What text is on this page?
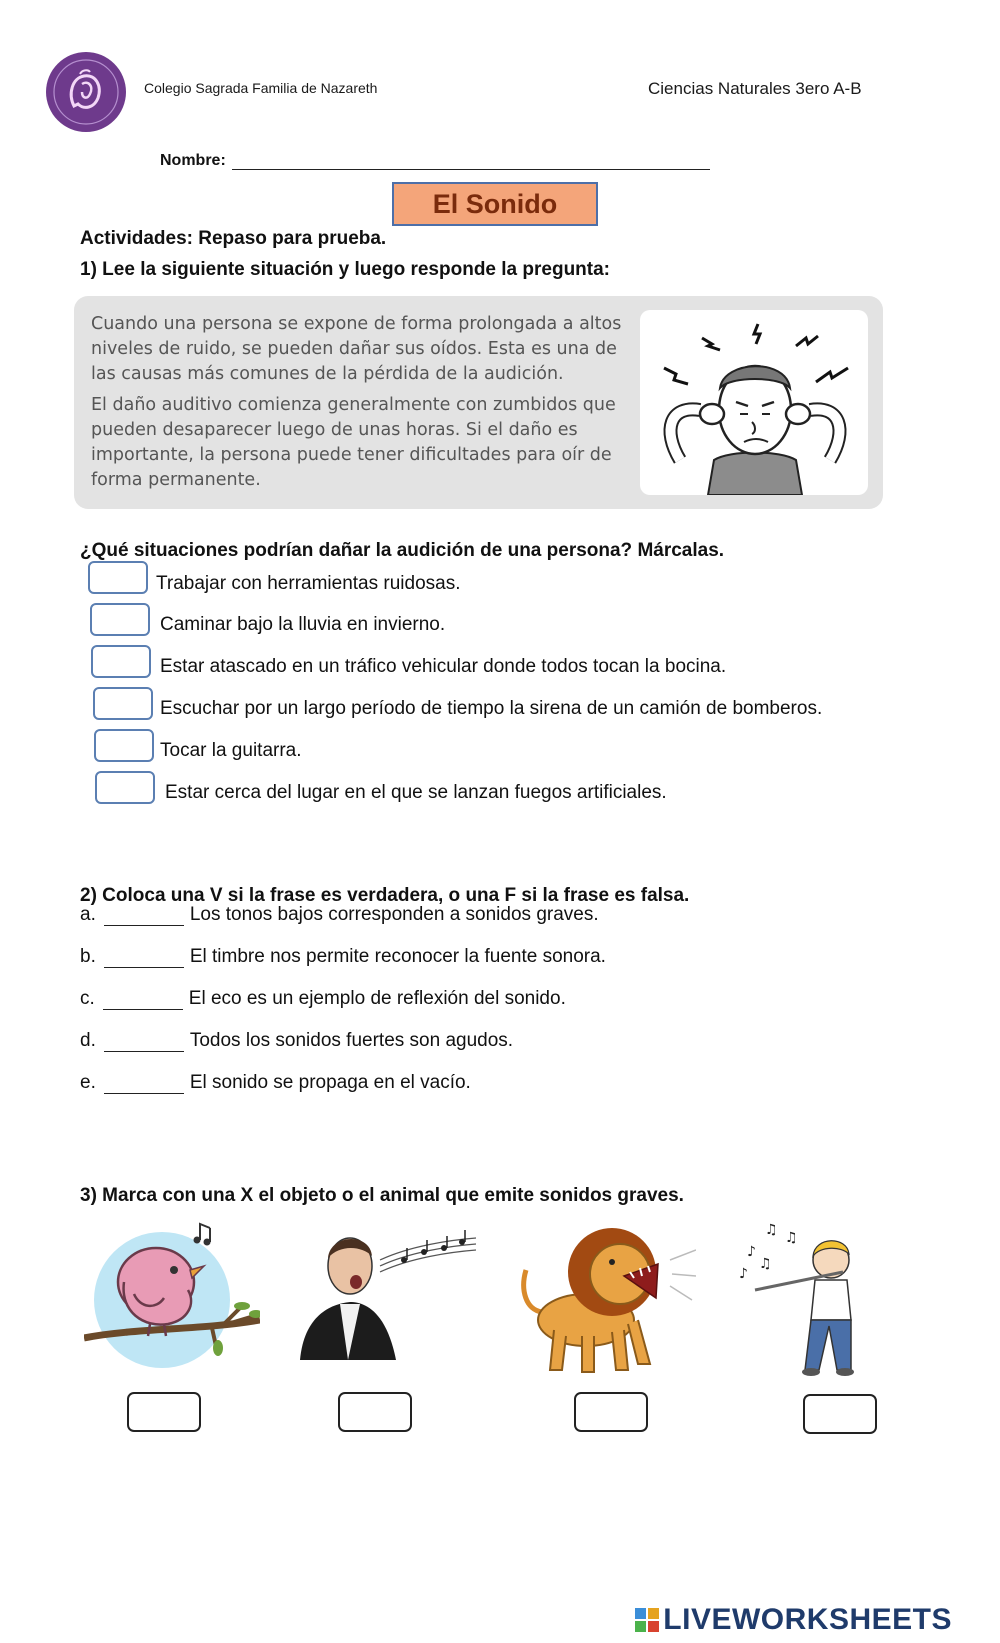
Colegio Sagrada Familia de Nazareth	Ciencias Naturales 3ero A-B
Nombre:
El Sonido
Actividades: Repaso para prueba.
1) Lee la siguiente situación y luego responde la pregunta:
Cuando una persona se expone de forma prolongada a altos niveles de ruido, se pueden dañar sus oídos. Esta es una de las causas más comunes de la pérdida de la audición.
El daño auditivo comienza generalmente con zumbidos que pueden desaparecer luego de unas horas. Si el daño es importante, la persona puede tener dificultades para oír de forma permanente.
¿Qué situaciones podrían dañar la audición de una persona? Márcalas.
Trabajar con herramientas ruidosas.
Caminar bajo la lluvia en invierno.
Estar atascado en un tráfico vehicular donde todos tocan la bocina.
Escuchar por un largo período de tiempo la sirena de un camión de bomberos.
Tocar la guitarra.
Estar cerca del lugar en el que se lanzan fuegos artificiales.
2) Coloca una V si la frase es verdadera, o una F si la frase es falsa.
a.	Los tonos bajos corresponden a sonidos graves.
b.	El timbre nos permite reconocer la fuente sonora.
c.	El eco es un ejemplo de reflexión del sonido.
d.	Todos los sonidos fuertes son agudos.
e.	El sonido se propaga en el vacío.
3) Marca con una X el objeto o el animal que emite sonidos graves.
♫ ♫
♪
♫
♪
LIVEWORKSHEETS
